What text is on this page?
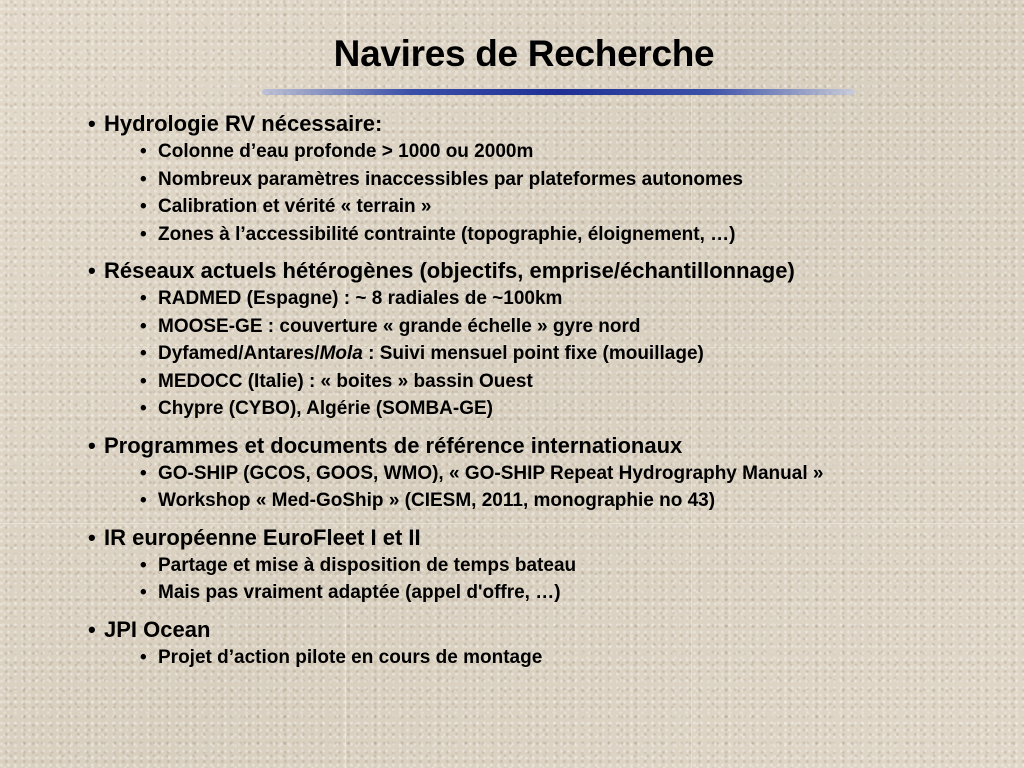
Navires de Recherche
• Hydrologie RV nécessaire:
• Colonne d’eau profonde > 1000 ou 2000m
• Nombreux paramètres inaccessibles par plateformes autonomes
• Calibration et vérité « terrain »
• Zones à l’accessibilité contrainte (topographie, éloignement, …)
• Réseaux actuels hétérogènes (objectifs, emprise/échantillonnage)
• RADMED (Espagne) : ~ 8 radiales de ~100km
• MOOSE-GE : couverture « grande échelle » gyre nord
• Dyfamed/Antares/Mola : Suivi mensuel point fixe (mouillage)
• MEDOCC (Italie) : « boites » bassin Ouest
• Chypre (CYBO), Algérie (SOMBA-GE)
• Programmes et documents de référence internationaux
• GO-SHIP (GCOS, GOOS, WMO), « GO-SHIP Repeat Hydrography Manual »
• Workshop « Med-GoShip » (CIESM, 2011, monographie no 43)
• IR européenne EuroFleet I et II
• Partage et mise à disposition de temps bateau
• Mais pas vraiment adaptée (appel d'offre, …)
• JPI Ocean
• Projet d’action pilote en cours de montage
